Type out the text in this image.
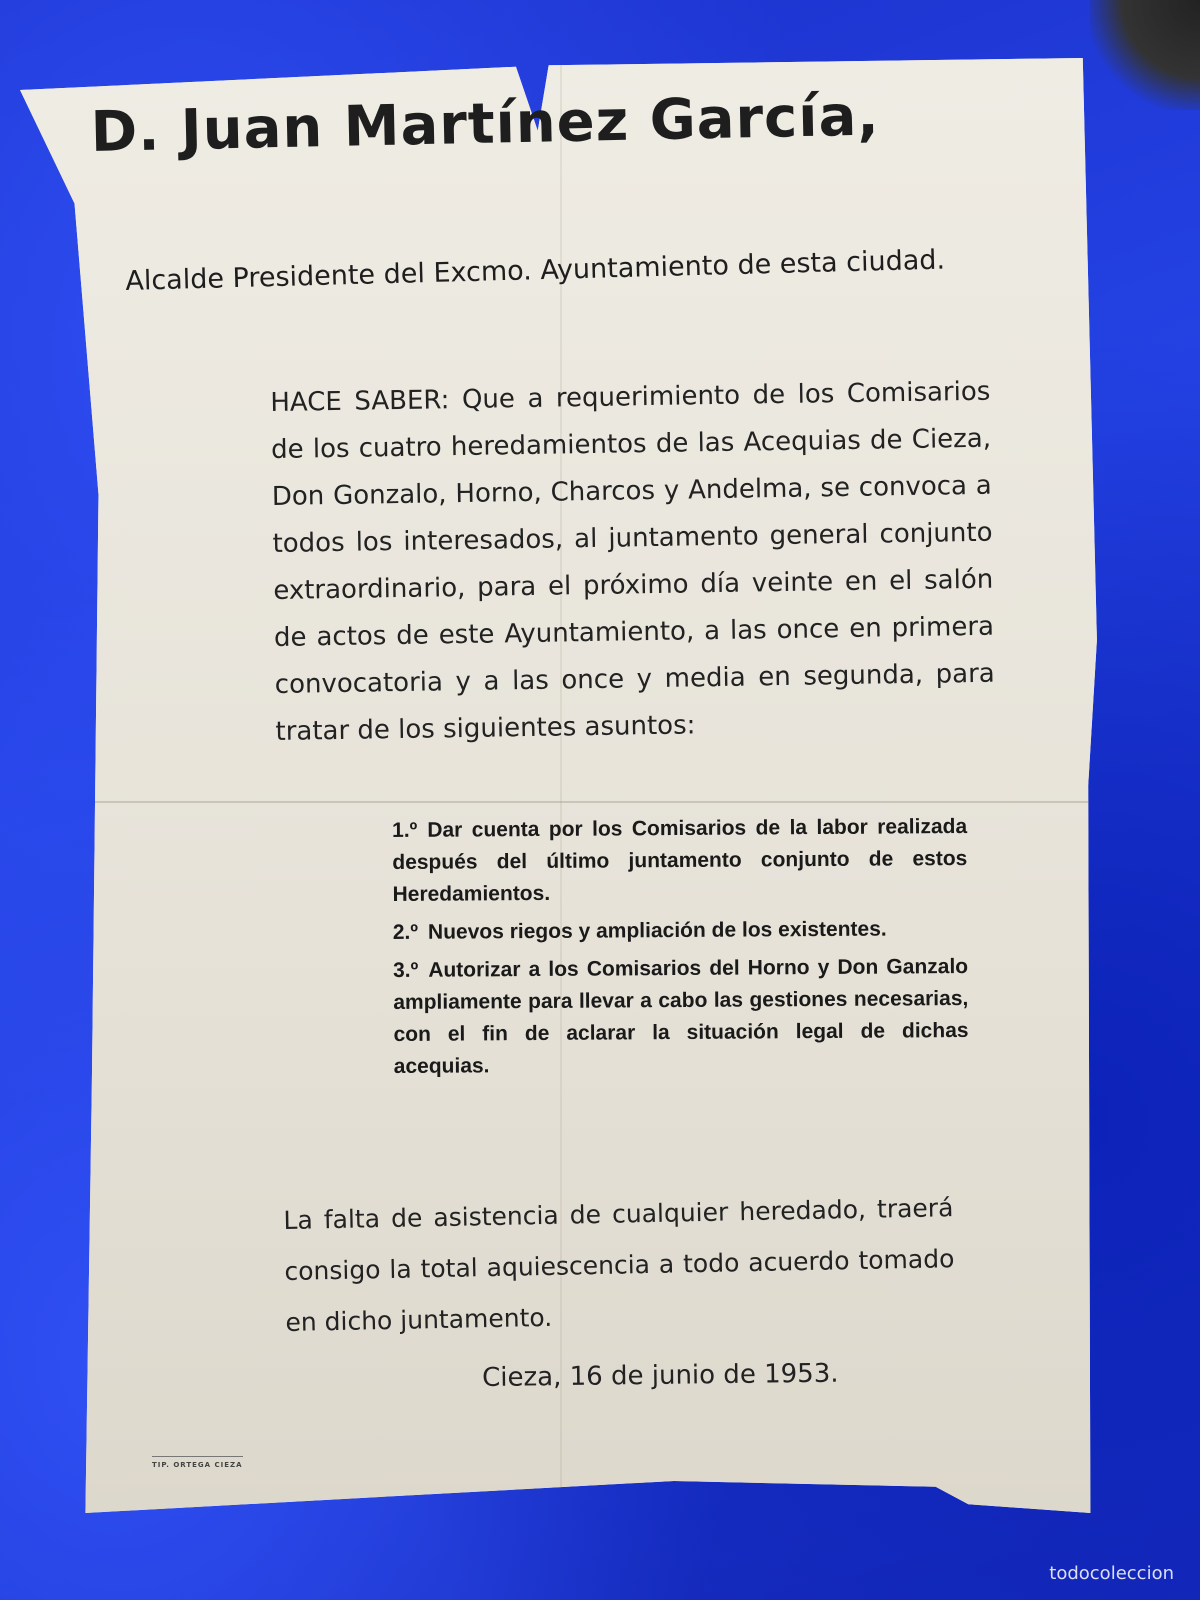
D. Juan Martínez García,

Alcalde Presidente del Excmo. Ayuntamiento de esta ciudad.

HACE SABER: Que a requerimiento de los Comisarios de los cuatro heredamientos de las Acequias de Cieza, Don Gonzalo, Horno, Charcos y Andelma, se convoca a todos los interesados, al juntamento general conjunto extraordinario, para el próximo día veinte en el salón de actos de este Ayuntamiento, a las once en primera convocatoria y a las once y media en segunda, para tratar de los siguientes asuntos:

1.º Dar cuenta por los Comisarios de la labor realizada después del último juntamento conjunto de estos Heredamientos.
2.º Nuevos riegos y ampliación de los existentes.
3.º Autorizar a los Comisarios del Horno y Don Ganzalo ampliamente para llevar a cabo las gestiones necesarias, con el fin de aclarar la situación legal de dichas acequias.

La falta de asistencia de cualquier heredado, traerá consigo la total aquiescencia a todo acuerdo tomado en dicho juntamento.

Cieza, 16 de junio de 1953.

TIP. ORTEGA CIEZA

todocoleccion
